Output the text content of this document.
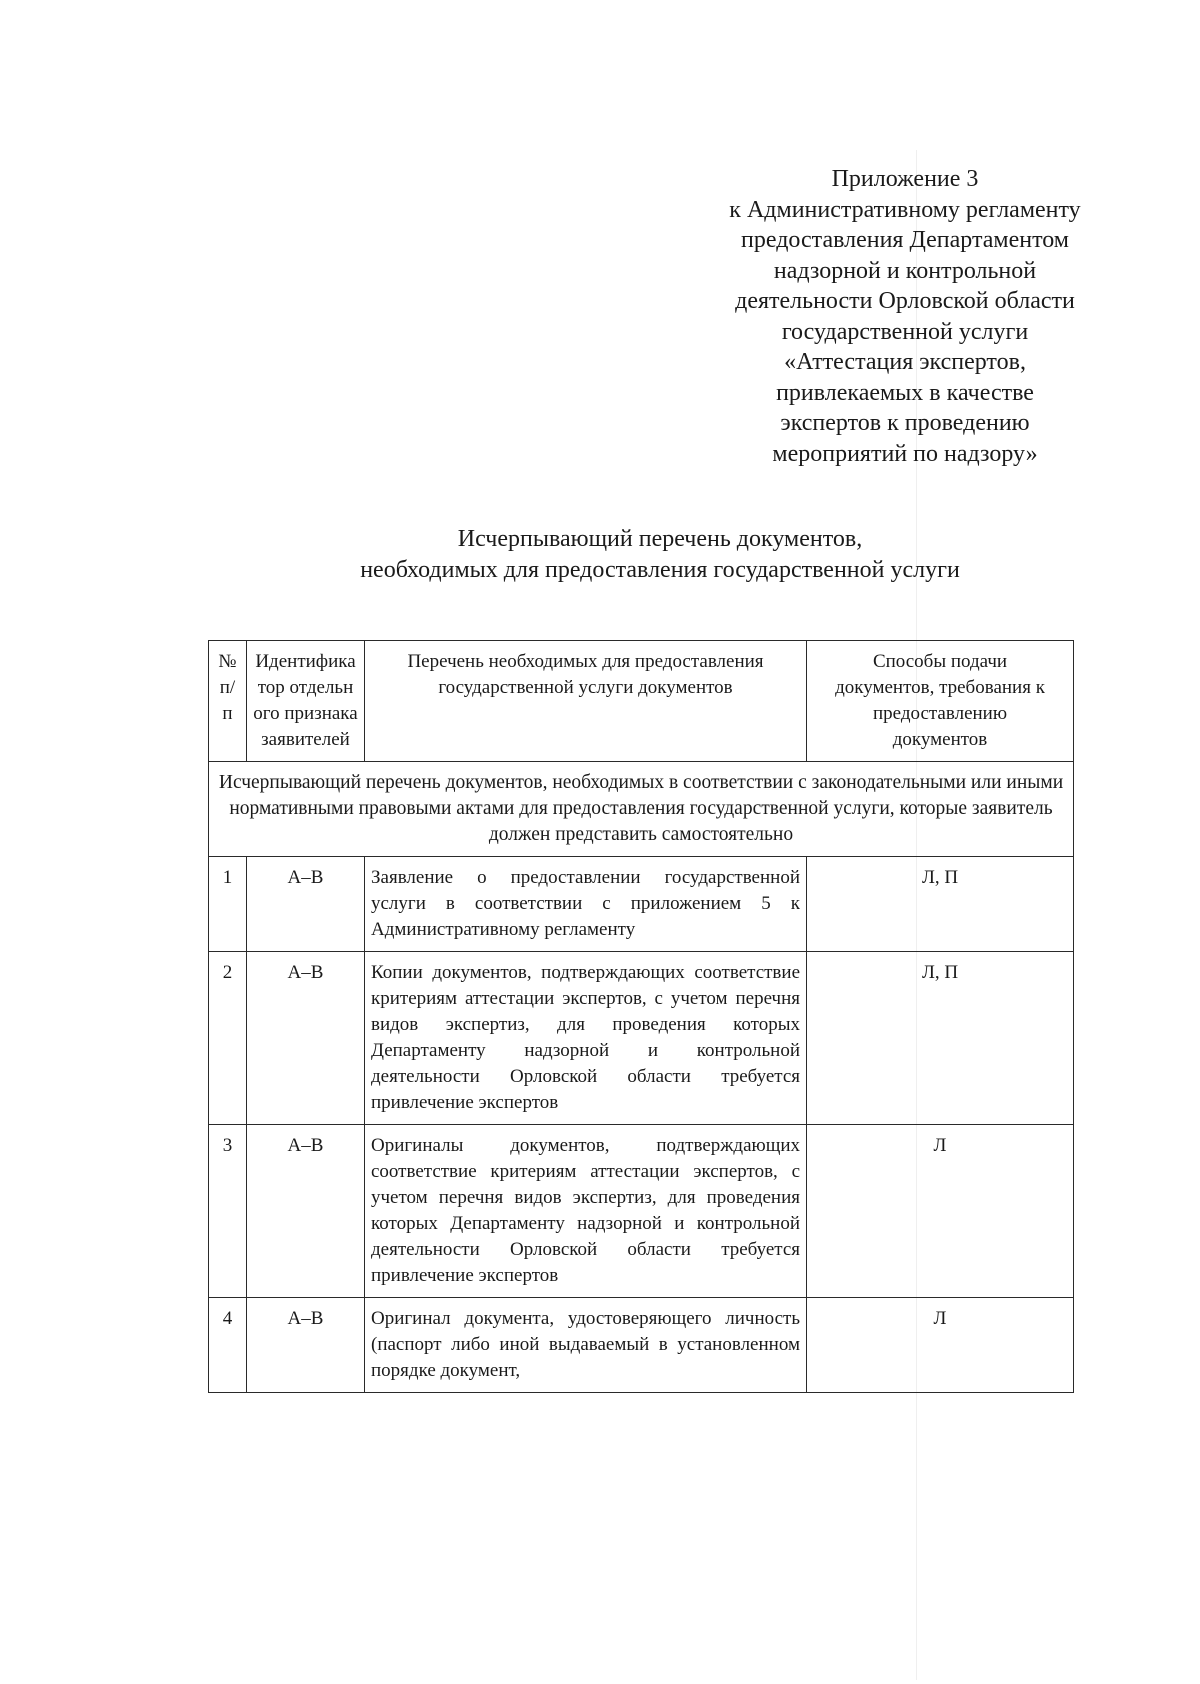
Приложение 3
к Административному регламенту
предоставления Департаментом
надзорной и контрольной
деятельности Орловской области
государственной услуги
«Аттестация экспертов,
привлекаемых в качестве
экспертов к проведению
мероприятий по надзору»
Исчерпывающий перечень документов,
необходимых для предоставления государственной услуги
№ п/п	Идентификатор отдельного признака заявителей	Перечень необходимых для предоставления государственной услуги документов	Способы подачи документов, требования к предоставлению документов
Исчерпывающий перечень документов, необходимых в соответствии с законодательными или иными нормативными правовыми актами для предоставления государственной услуги, которые заявитель должен представить самостоятельно			
1	А–В	Заявление о предоставлении государственной услуги в соответствии с приложением 5 к Административному регламенту	Л, П
2	А–В	Копии документов, подтверждающих соответствие критериям аттестации экспертов, с учетом перечня видов экспертиз, для проведения которых Департаменту надзорной и контрольной деятельности Орловской области требуется привлечение экспертов	Л, П
3	А–В	Оригиналы документов, подтверждающих соответствие критериям аттестации экспертов, с учетом перечня видов экспертиз, для проведения которых Департаменту надзорной и контрольной деятельности Орловской области требуется привлечение экспертов	Л
4	А–В	Оригинал документа, удостоверяющего личность (паспорт либо иной выдаваемый в установленном порядке документ,	Л
